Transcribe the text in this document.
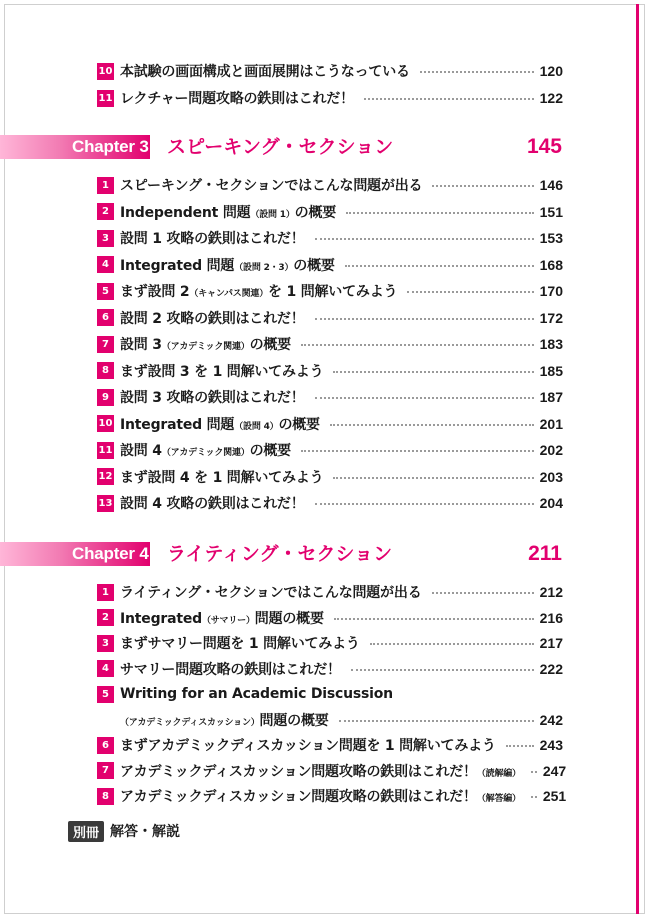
10 本試験の画面構成と画面展開はこうなっている	120
11 レクチャー問題攻略の鉄則はこれだ！	122
Chapter 3 スピーキング・セクション	145
1 スピーキング・セクションではこんな問題が出る	146
2 Independent 問題（設問 1）の概要	151
3 設問 1 攻略の鉄則はこれだ！	153
4 Integrated 問題（設問 2・3）の概要	168
5 まず設問 2（キャンパス関連）を 1 問解いてみよう	170
6 設問 2 攻略の鉄則はこれだ！	172
7 設問 3（アカデミック関連）の概要	183
8 まず設問 3 を 1 問解いてみよう	185
9 設問 3 攻略の鉄則はこれだ！	187
10 Integrated 問題（設問 4）の概要	201
11 設問 4（アカデミック関連）の概要	202
12 まず設問 4 を 1 問解いてみよう	203
13 設問 4 攻略の鉄則はこれだ！	204
Chapter 4 ライティング・セクション	211
1 ライティング・セクションではこんな問題が出る	212
2 Integrated（サマリー）問題の概要	216
3 まずサマリー問題を 1 問解いてみよう	217
4 サマリー問題攻略の鉄則はこれだ！	222
5 Writing for an Academic Discussion
（アカデミックディスカッション）問題の概要	242
6 まずアカデミックディスカッション問題を 1 問解いてみよう	243
7 アカデミックディスカッション問題攻略の鉄則はこれだ！（読解編） 247
8 アカデミックディスカッション問題攻略の鉄則はこれだ！（解答編） 251
別冊 解答・解説
